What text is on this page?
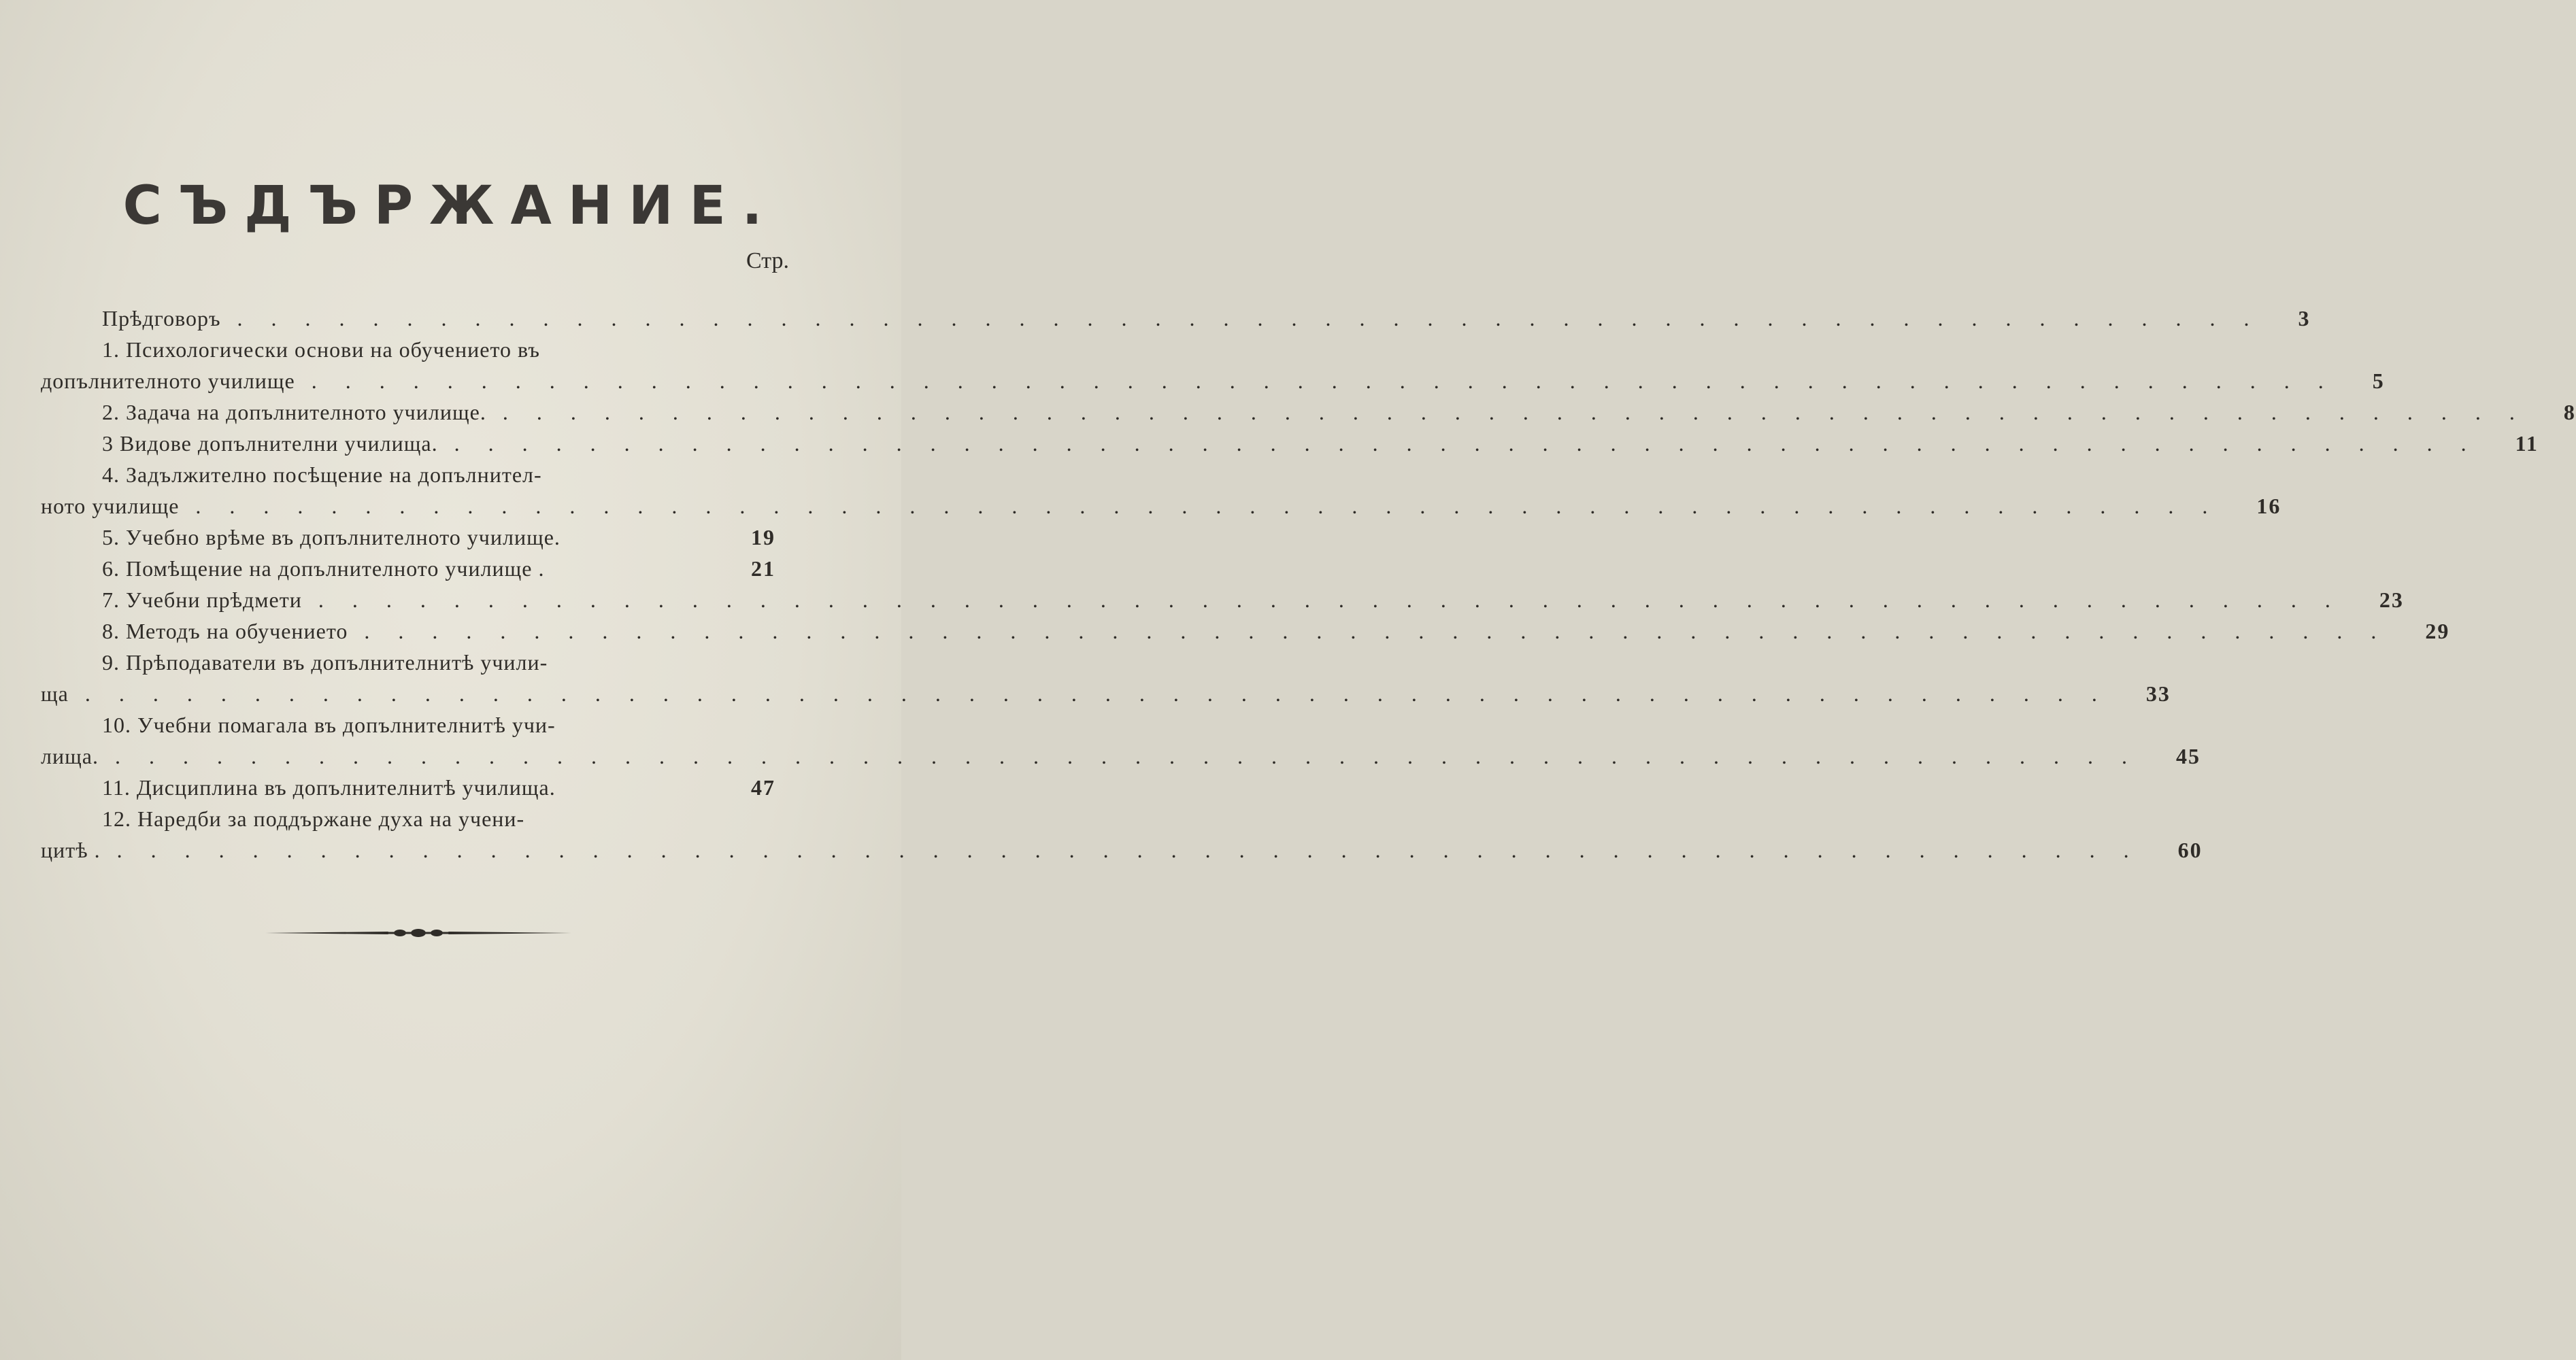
СЪДЪРЖАНИЕ.
Стр.
Прѣдговоръ ............................................................ 3
1. Психологически основи на обучението въ
допълнителното училище ............................................................ 5
2. Задача на допълнителното училище. ............................................................ 8
3 Видове допълнителни училища. ............................................................ 11
4. Задължително посѣщение на допълнител-
ното училище ............................................................ 16
5. Учебно врѣме въ допълнителното училище.	19
6. Помѣщение на допълнителното училище .	21
7. Учебни прѣдмети ............................................................ 23
8. Методъ на обучението ............................................................ 29
9. Прѣподаватели въ допълнителнитѣ учили-
ща ............................................................ 33
10. Учебни помагала въ допълнителнитѣ учи-
лища. ............................................................ 45
11. Дисциплина въ допълнителнитѣ училища.	47
12. Наредби за поддържане духа на учени-
цитѣ . ............................................................ 60
